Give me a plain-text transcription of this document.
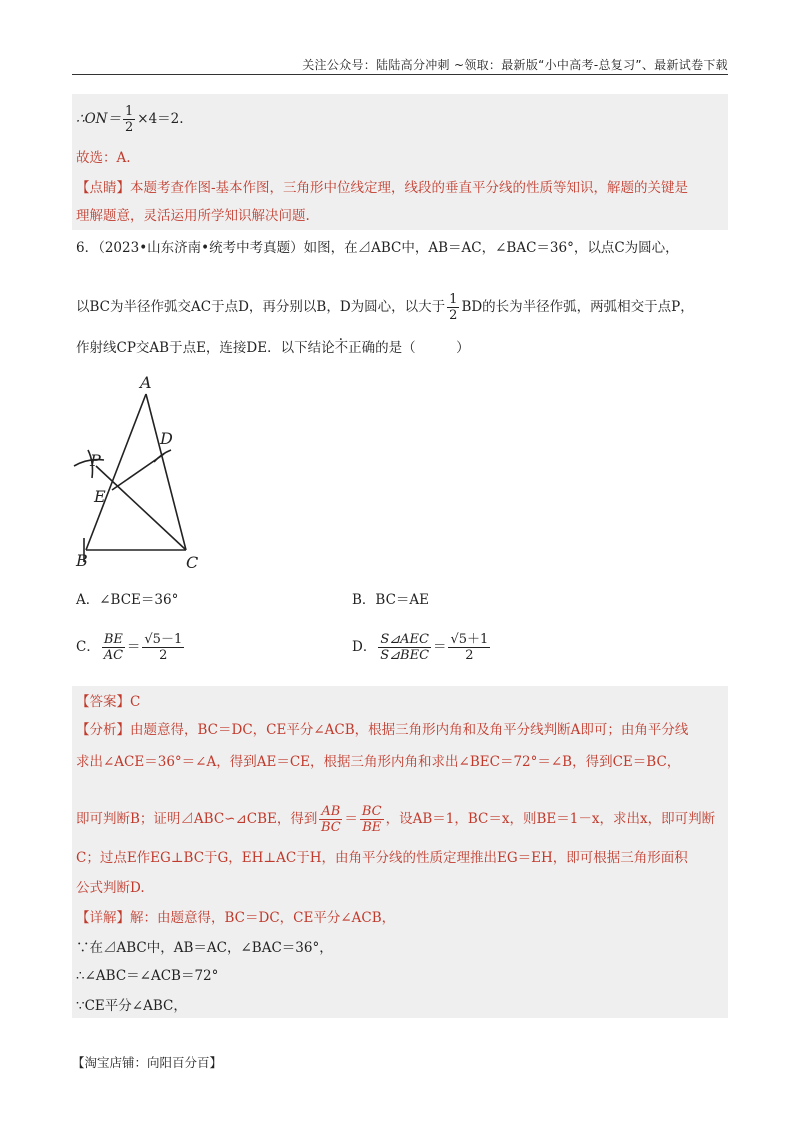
关注公众号：陆陆高分冲刺 ~领取：最新版“小中高考-总复习”、最新试卷下载
∴ON＝ $\frac{1}{2} \times 4=2$.
故选：A.
【点睛】本题考查作图-基本作图，三角形中位线定理，线段的垂直平分线的性质等知识，解题的关键是
理解题意，灵活运用所学知识解决问题.
6．（2023•山东济南•统考中考真题）如图，在⊿ABC中，AB＝AC，∠BAC＝36°，以点C为圆心，
以BC为半径作弧交AC于点D，再分别以B，D为圆心，以大于 $\frac{1}{2}$ BD的长为半径作弧，两弧相交于点P，
作射线CP交AB于点E，连接DE．以下结论不正确的是（　　　）
A
D
P
E
B	C
A．∠BCE＝36°	B．BC＝AE
C． $\frac{BE}{AC} = \frac{√5-1}{2}$	D． $\frac{\text{S⊿AEC}}{\text{S⊿BEC}} = \frac{√5+1}{2}$
【答案】C
【分析】由题意得，BC＝DC，CE平分∠ACB，根据三角形内角和及角平分线判断A即可；由角平分线
求出∠ACE＝36°＝∠A，得到AE＝CE，根据三角形内角和求出∠BEC＝72°＝∠B，得到CE＝BC，
即可判断B；证明⊿ABC∽⊿CBE，得到 $\frac{AB}{BC} = \frac{BC}{BE}$ ，设AB＝1，BC＝x，则BE＝1－x，求出x，即可判断
C；过点E作EG⊥BC于G，EH⊥AC于H，由角平分线的性质定理推出EG＝EH，即可根据三角形面积
公式判断D.
【详解】解：由题意得，BC＝DC，CE平分∠ACB，
∵在⊿ABC中，AB＝AC，∠BAC＝36°，
∴∠ABC＝∠ACB＝72°
∵CE平分∠ABC，
【淘宝店铺：向阳百分百】
